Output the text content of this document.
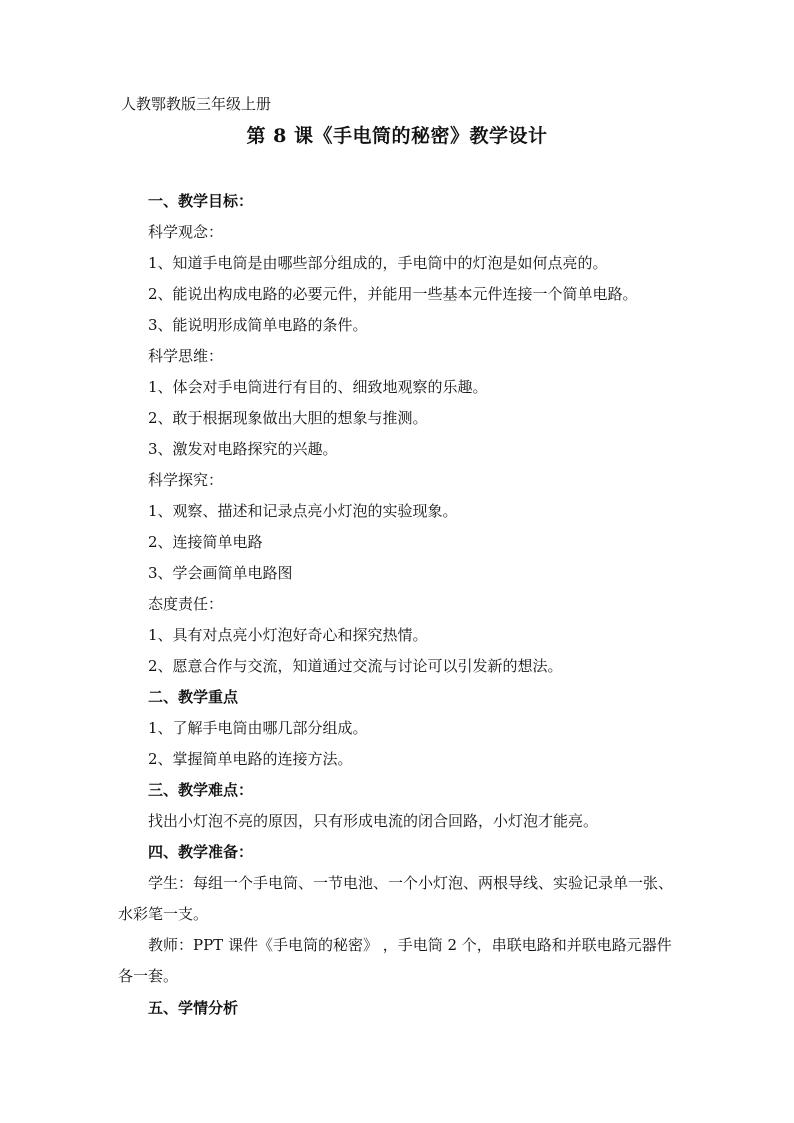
人教鄂教版三年级上册

第 8 课《手电筒的秘密》教学设计

一、教学目标：

科学观念：

1、知道手电筒是由哪些部分组成的，手电筒中的灯泡是如何点亮的。

2、能说出构成电路的必要元件，并能用一些基本元件连接一个简单电路。

3、能说明形成简单电路的条件。

科学思维：

1、体会对手电筒进行有目的、细致地观察的乐趣。

2、敢于根据现象做出大胆的想象与推测。

3、激发对电路探究的兴趣。

科学探究：

1、观察、描述和记录点亮小灯泡的实验现象。

2、连接简单电路

3、学会画简单电路图

态度责任：

1、具有对点亮小灯泡好奇心和探究热情。

2、愿意合作与交流，知道通过交流与讨论可以引发新的想法。

二、教学重点

1、了解手电筒由哪几部分组成。

2、掌握简单电路的连接方法。

三、教学难点：

找出小灯泡不亮的原因，只有形成电流的闭合回路，小灯泡才能亮。

四、教学准备：

学生：每组一个手电筒、一节电池、一个小灯泡、两根导线、实验记录单一张、水彩笔一支。

教师：PPT 课件《手电筒的秘密》 ，手电筒 2 个，串联电路和并联电路元器件各一套。

五、学情分析
